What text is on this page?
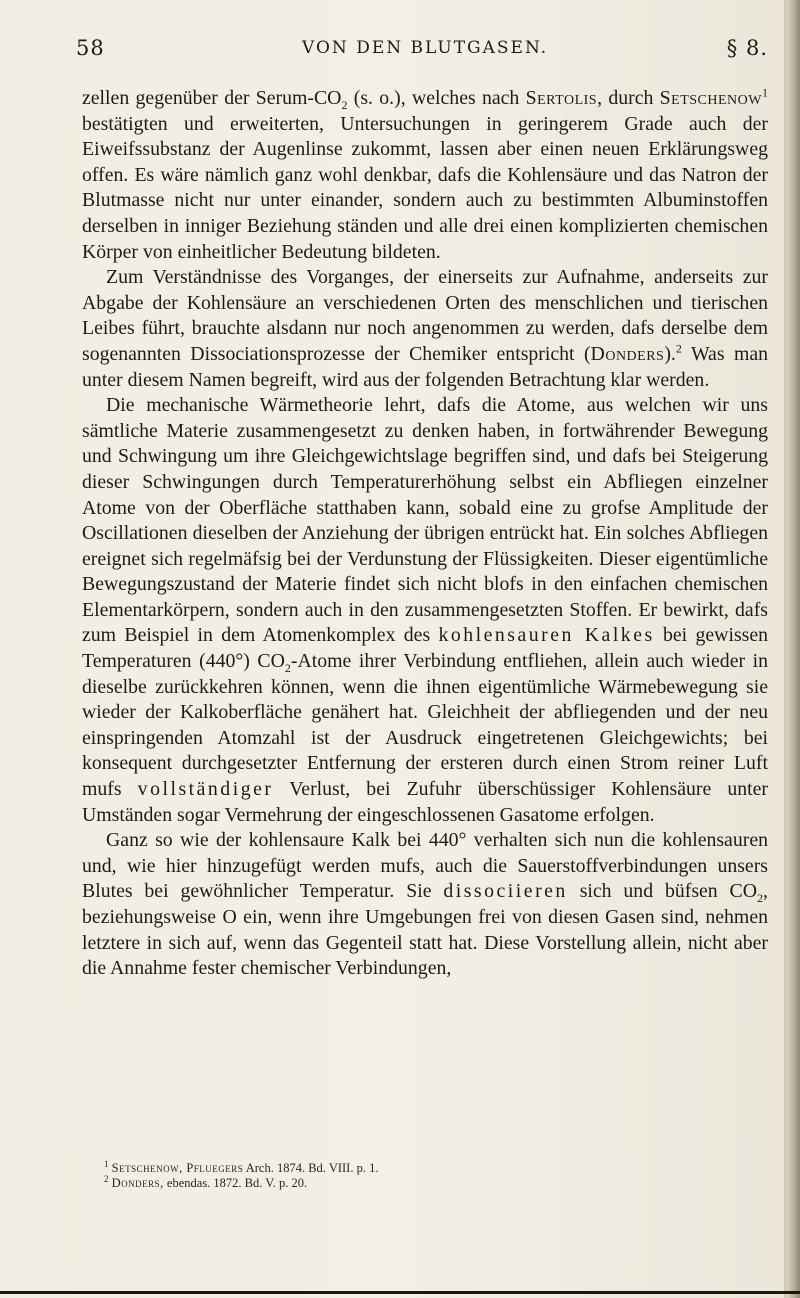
58	VON DEN BLUTGASEN.	§ 8.

zellen gegenüber der Serum-$CO_2$ (s. o.), welches nach Sertolis, durch Setschenow$^1$ bestätigten und erweiterten, Untersuchungen in geringerem Grade auch der Eiweifssubstanz der Augenlinse zukommt, lassen aber einen neuen Erklärungsweg offen. Es wäre nämlich ganz wohl denkbar, dafs die Kohlensäure und das Natron der Blutmasse nicht nur unter einander, sondern auch zu bestimmten Albuminstoffen derselben in inniger Beziehung ständen und alle drei einen komplizierten chemischen Körper von einheitlicher Bedeutung bildeten.

Zum Verständnisse des Vorganges, der einerseits zur Aufnahme, anderseits zur Abgabe der Kohlensäure an verschiedenen Orten des menschlichen und tierischen Leibes führt, brauchte alsdann nur noch angenommen zu werden, dafs derselbe dem sogenannten Dissociationsprozesse der Chemiker entspricht (Donders).$^2$ Was man unter diesem Namen begreift, wird aus der folgenden Betrachtung klar werden.

Die mechanische Wärmetheorie lehrt, dafs die Atome, aus welchen wir uns sämtliche Materie zusammengesetzt zu denken haben, in fortwährender Bewegung und Schwingung um ihre Gleichgewichtslage begriffen sind, und dafs bei Steigerung dieser Schwingungen durch Temperaturerhöhung selbst ein Abfliegen einzelner Atome von der Oberfläche statthaben kann, sobald eine zu grofse Amplitude der Oscillationen dieselben der Anziehung der übrigen entrückt hat. Ein solches Abfliegen ereignet sich regelmäfsig bei der Verdunstung der Flüssigkeiten. Dieser eigentümliche Bewegungszustand der Materie findet sich nicht blofs in den einfachen chemischen Elementarkörpern, sondern auch in den zusammengesetzten Stoffen. Er bewirkt, dafs zum Beispiel in dem Atomenkomplex des kohlensauren Kalkes bei gewissen Temperaturen (440°) $CO_2$-Atome ihrer Verbindung entfliehen, allein auch wieder in dieselbe zurückkehren können, wenn die ihnen eigentümliche Wärmebewegung sie wieder der Kalkoberfläche genähert hat. Gleichheit der abfliegenden und der neu einspringenden Atomzahl ist der Ausdruck eingetretenen Gleichgewichts; bei konsequent durchgesetzter Entfernung der ersteren durch einen Strom reiner Luft mufs vollständiger Verlust, bei Zufuhr überschüssiger Kohlensäure unter Umständen sogar Vermehrung der eingeschlossenen Gasatome erfolgen.

Ganz so wie der kohlensaure Kalk bei 440° verhalten sich nun die kohlensauren und, wie hier hinzugefügt werden mufs, auch die Sauerstoffverbindungen unsers Blutes bei gewöhnlicher Temperatur. Sie dissociieren sich und büfsen $CO_2$, beziehungsweise O ein, wenn ihre Umgebungen frei von diesen Gasen sind, nehmen letztere in sich auf, wenn das Gegenteil statt hat. Diese Vorstellung allein, nicht aber die Annahme fester chemischer Verbindungen,

$^1$ Setschenow, Pfluegers Arch. 1874. Bd. VIII. p. 1.

$^2$ Donders, ebendas. 1872. Bd. V. p. 20.
